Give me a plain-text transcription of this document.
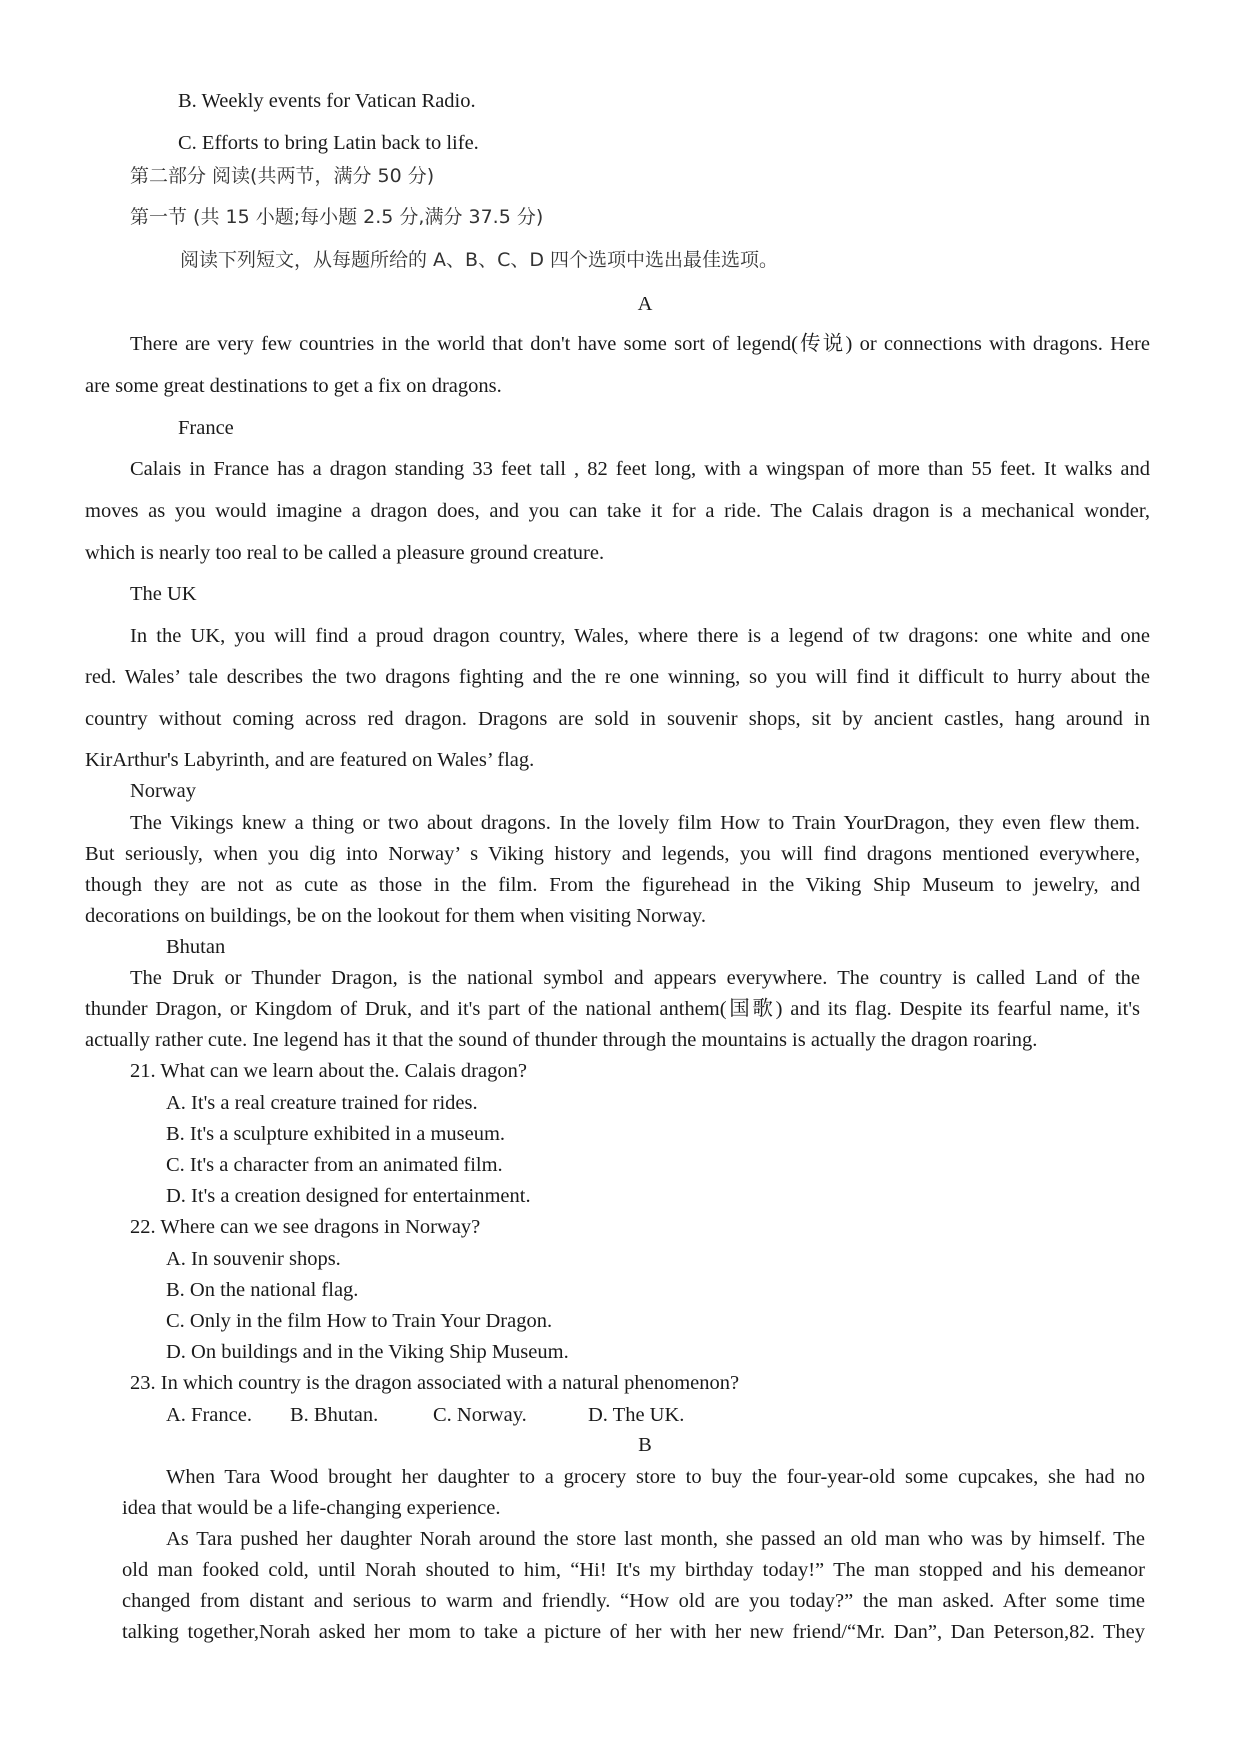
B. Weekly events for Vatican Radio.
C. Efforts to bring Latin back to life.
第二部分 阅读(共两节，满分 50 分)
第一节 (共 15 小题;每小题 2.5 分,满分 37.5 分)
阅读下列短文，从每题所给的 A、B、C、D 四个选项中选出最佳选项。
A
There are very few countries in the world that don't have some sort of legend(传说) or connections with dragons. Here
are some great destinations to get a fix on dragons.
France
Calais in France has a dragon standing 33 feet tall , 82 feet long, with a wingspan of more than 55 feet. It walks and
moves as you would imagine a dragon does, and you can take it for a ride. The Calais dragon is a mechanical wonder,
which is nearly too real to be called a pleasure ground creature.
The UK
In the UK, you will find a proud dragon country, Wales, where there is a legend of tw dragons: one white and one
red. Wales’ tale describes the two dragons fighting and the re one winning, so you will find it difficult to hurry about the
country without coming across red dragon. Dragons are sold in souvenir shops, sit by ancient castles, hang around in
KirArthur's Labyrinth, and are featured on Wales’ flag.
Norway
The Vikings knew a thing or two about dragons. In the lovely film How to Train YourDragon, they even flew them.
But seriously, when you dig into Norway’ s Viking history and legends, you will find dragons mentioned everywhere,
though they are not as cute as those in the film. From the figurehead in the Viking Ship Museum to jewelry, and
decorations on buildings, be on the lookout for them when visiting Norway.
Bhutan
The Druk or Thunder Dragon, is the national symbol and appears everywhere. The country is called Land of the
thunder Dragon, or Kingdom of Druk, and it's part of the national anthem(国歌) and its flag. Despite its fearful name, it's
actually rather cute. Ine legend has it that the sound of thunder through the mountains is actually the dragon roaring.
21. What can we learn about the. Calais dragon?
A. It's a real creature trained for rides.
B. It's a sculpture exhibited in a museum.
C. It's a character from an animated film.
D. It's a creation designed for entertainment.
22. Where can we see dragons in Norway?
A. In souvenir shops.
B. On the national flag.
C. Only in the film How to Train Your Dragon.
D. On buildings and in the Viking Ship Museum.
23. In which country is the dragon associated with a natural phenomenon?
A. France. B. Bhutan.	C. Norway.	D. The UK.
B
When Tara Wood brought her daughter to a grocery store to buy the four-year-old some cupcakes, she had no
idea that would be a life-changing experience.
As Tara pushed her daughter Norah around the store last month, she passed an old man who was by himself. The
old man fooked cold, until Norah shouted to him, “Hi! It's my birthday today!” The man stopped and his demeanor
changed from distant and serious to warm and friendly. “How old are you today?” the man asked. After some time
talking together,Norah asked her mom to take a picture of her with her new friend/“Mr. Dan”, Dan Peterson,82. They
